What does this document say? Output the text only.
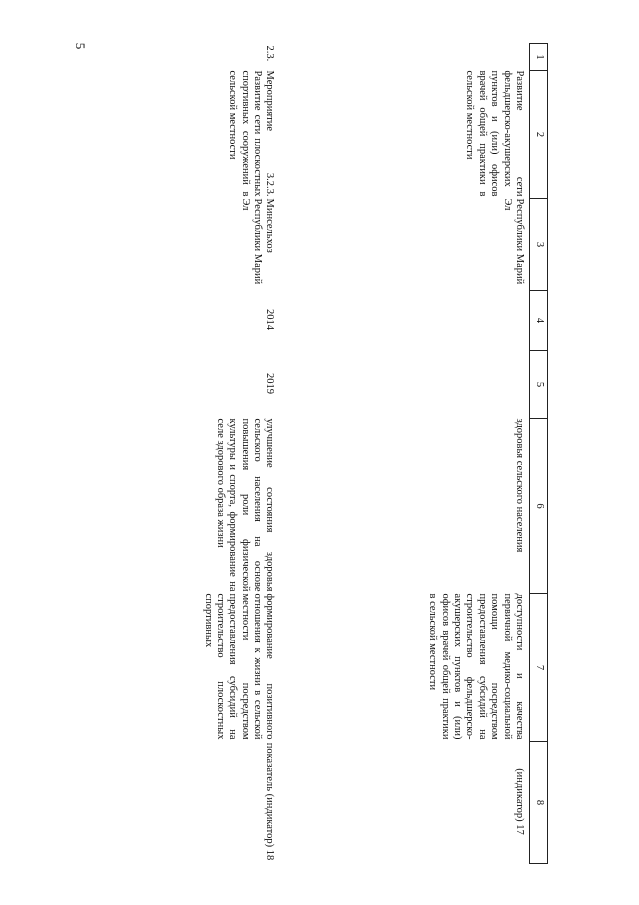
5
1	2	3	4	5	6	7	8
	Развитие сети фельдшерско-акушерских пунктов и (или) офисов врачей общей практики в сельской местности	Республики Марий Эл			здоровья сельского населения	доступности и качества первичной медико-социальной помощи посредством предоставления субсидий на строительство фельдшерско-акушерских пунктов и (или) офисов врачей общей практики в сельской местности	(индикатор) 17
2.3.	Мероприятие 3.2.3. Развитие сети плоскостных спортивных сооружений в сельской местности	Минсельхоз Республики Марий Эл	2014	2019	улучшение состояния здоровья сельского населения на основе повышения роли физической культуры и спорта, формирование на селе здорового образа жизни	формирование позитивного отношения к жизни в сельской местности посредством предоставления субсидий на строительство плоскостных спортивных	показатель (индикатор) 18
